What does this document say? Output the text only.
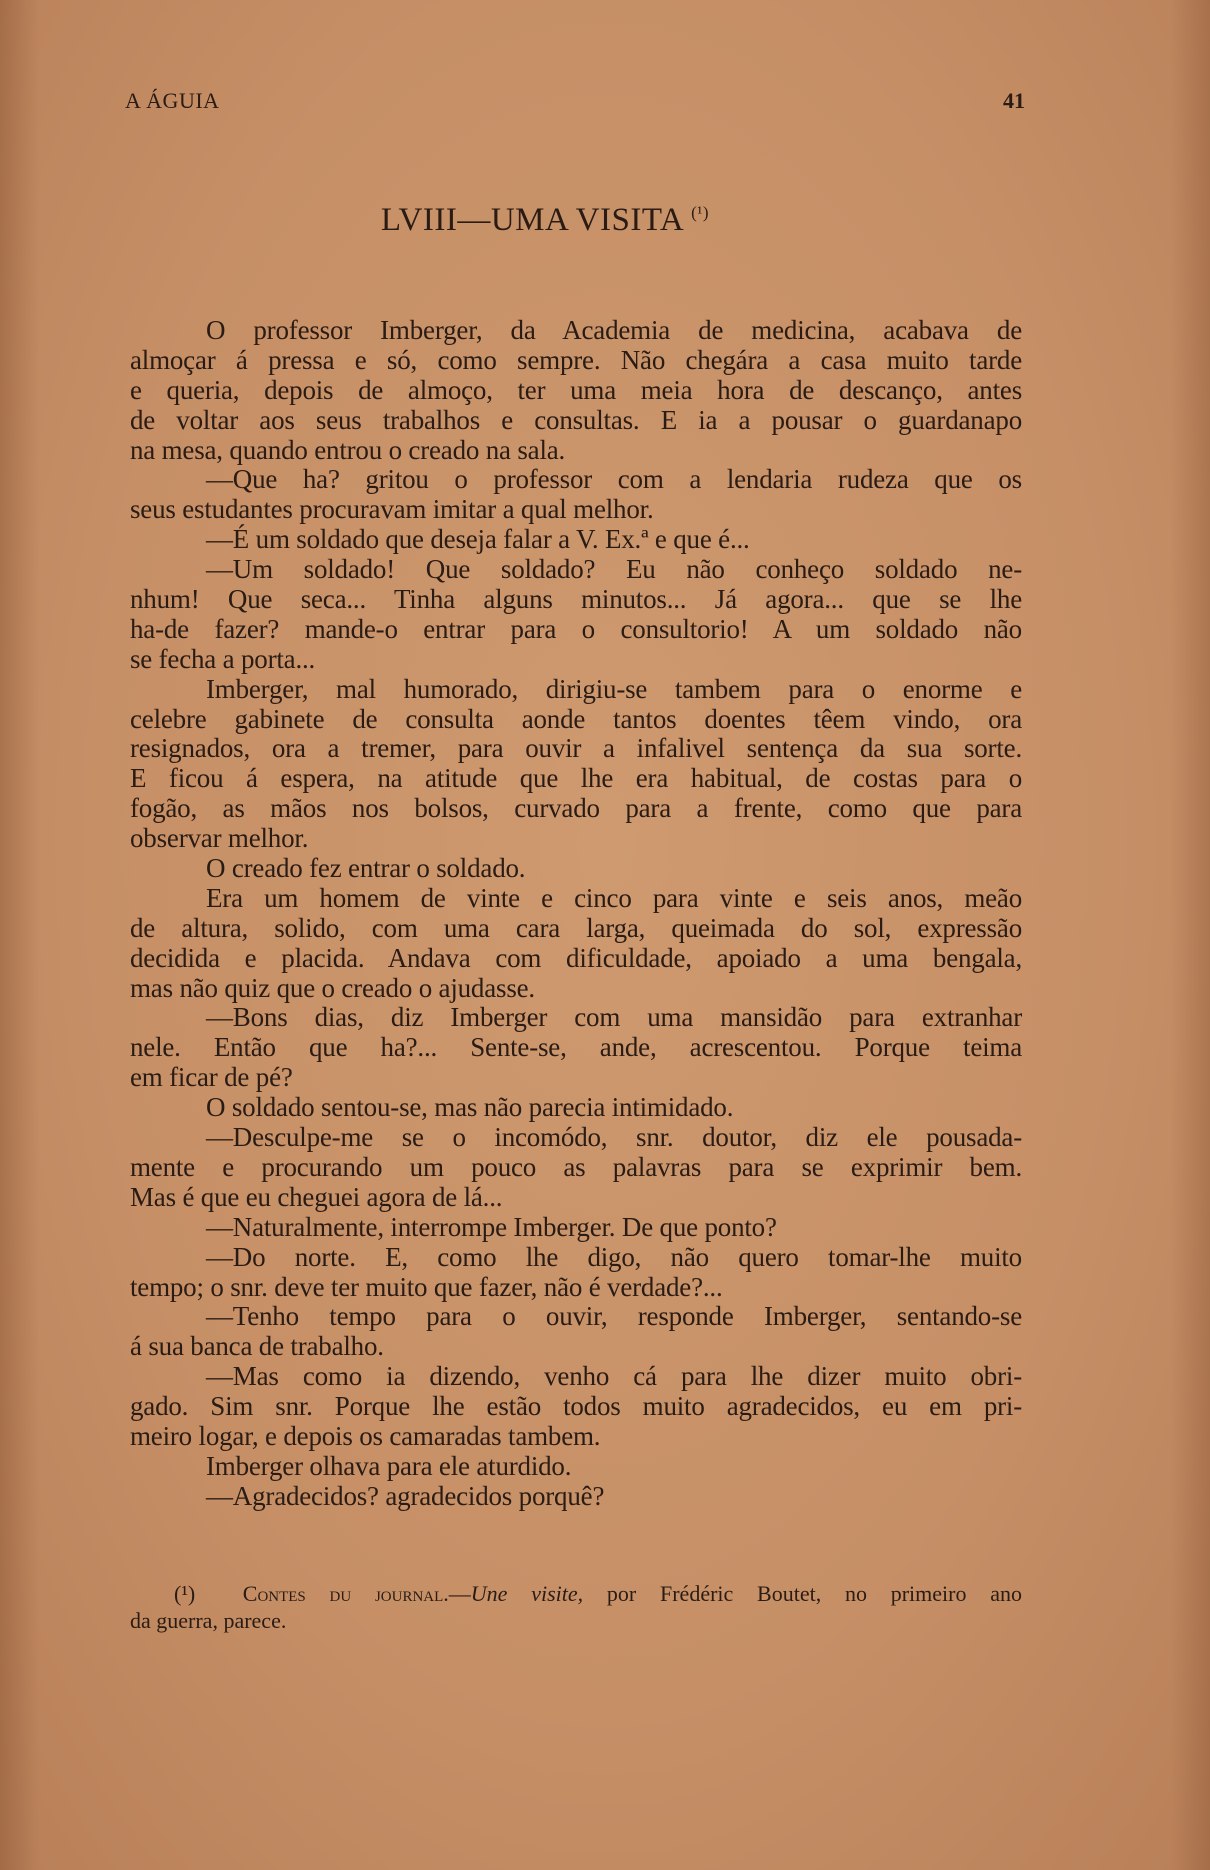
A ÁGUIA	41
LVIII—UMA VISITA $^{(^1)}$
O professor Imberger, da Academia de medicina, acabava de
almoçar á pressa e só, como sempre. Não chegára a casa muito tarde
e queria, depois de almoço, ter uma meia hora de descanço, antes
de voltar aos seus trabalhos e consultas. E ia a pousar o guardanapo
na mesa, quando entrou o creado na sala.
—Que ha? gritou o professor com a lendaria rudeza que os
seus estudantes procuravam imitar a qual melhor.
—É um soldado que deseja falar a V. Ex.ª e que é...
—Um soldado! Que soldado? Eu não conheço soldado ne-
nhum! Que seca... Tinha alguns minutos... Já agora... que se lhe
ha-de fazer? mande-o entrar para o consultorio! A um soldado não
se fecha a porta...
Imberger, mal humorado, dirigiu-se tambem para o enorme e
celebre gabinete de consulta aonde tantos doentes têem vindo, ora
resignados, ora a tremer, para ouvir a infalivel sentença da sua sorte.
E ficou á espera, na atitude que lhe era habitual, de costas para o
fogão, as mãos nos bolsos, curvado para a frente, como que para
observar melhor.
O creado fez entrar o soldado.
Era um homem de vinte e cinco para vinte e seis anos, meão
de altura, solido, com uma cara larga, queimada do sol, expressão
decidida e placida. Andava com dificuldade, apoiado a uma bengala,
mas não quiz que o creado o ajudasse.
—Bons dias, diz Imberger com uma mansidão para extranhar
nele. Então que ha?... Sente-se, ande, acrescentou. Porque teima
em ficar de pé?
O soldado sentou-se, mas não parecia intimidado.
—Desculpe-me se o incomódo, snr. doutor, diz ele pousada-
mente e procurando um pouco as palavras para se exprimir bem.
Mas é que eu cheguei agora de lá...
—Naturalmente, interrompe Imberger. De que ponto?
—Do norte. E, como lhe digo, não quero tomar-lhe muito
tempo; o snr. deve ter muito que fazer, não é verdade?...
—Tenho tempo para o ouvir, responde Imberger, sentando-se
á sua banca de trabalho.
—Mas como ia dizendo, venho cá para lhe dizer muito obri-
gado. Sim snr. Porque lhe estão todos muito agradecidos, eu em pri-
meiro logar, e depois os camaradas tambem.
Imberger olhava para ele aturdido.
—Agradecidos? agradecidos porquê?
(¹) Contes du journal.—Une visite, por Frédéric Boutet, no primeiro ano
da guerra, parece.
